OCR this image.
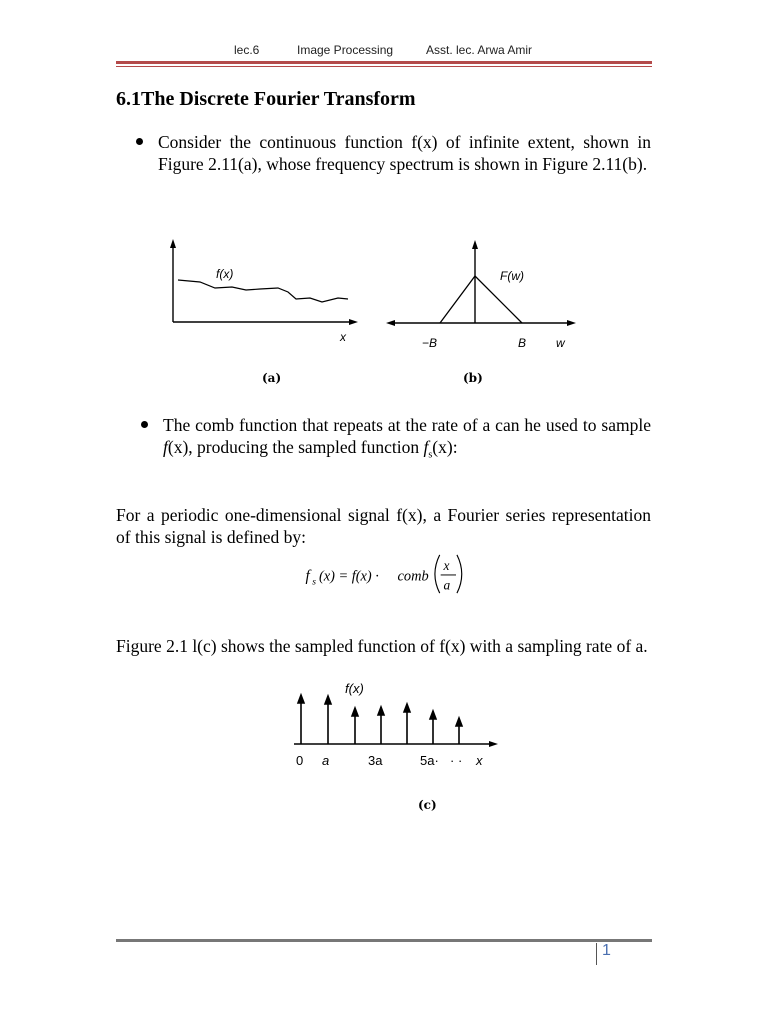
lec.6	Image Processing	Asst. lec. Arwa Amir
6.1The Discrete Fourier Transform
Consider the continuous function f(x) of infinite extent, shown in Figure 2.11(a), whose frequency spectrum is shown in Figure 2.11(b).
f(x)
x
(a)
F(w)
−B	B w
(b)
The comb function that repeats at the rate of a can he used to sample f(x), producing the sampled function $f_s(x)$:
For a periodic one-dimensional signal f(x), a Fourier series representation of this signal is defined by:
f s (x) = f(x) · comb
x
a
Figure 2.1 l(c) shows the sampled function of f(x) with a sampling rate of a.
f(x)
0 a	3a	5a· · · x
(c)
1
